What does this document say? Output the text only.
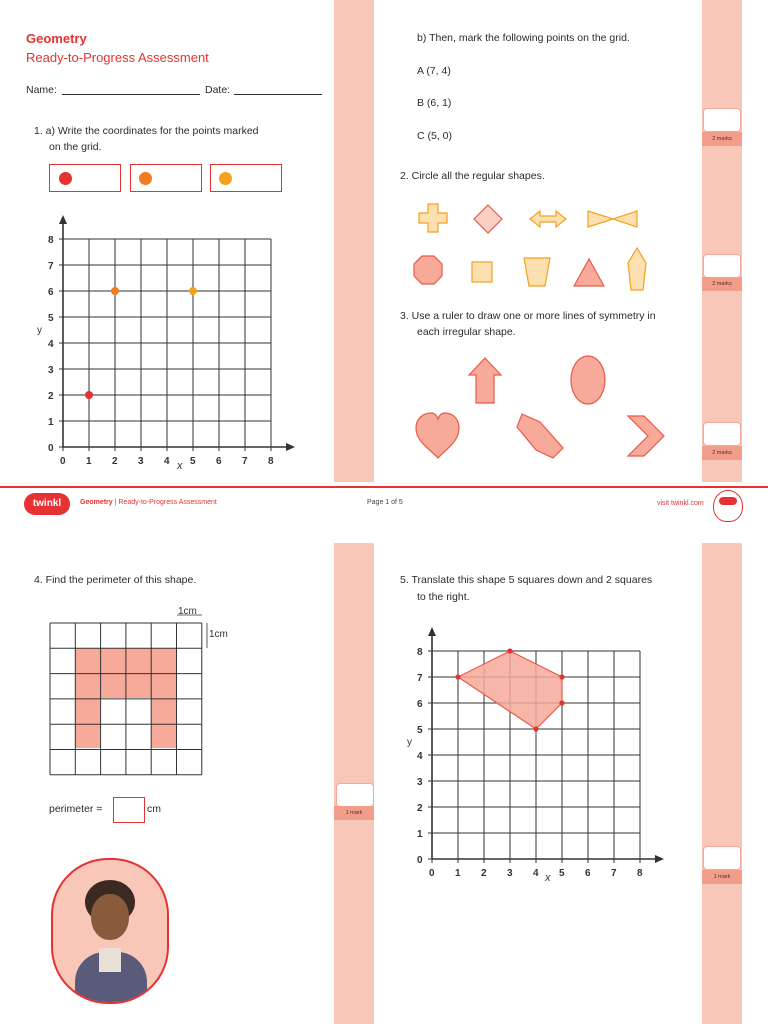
Geometry
Ready-to-Progress Assessment
Name:	Date:
1. a) Write the coordinates for the points marked
on the grid.
y
x
0 1 2 3 4 5 6 7 8
0
1
2
3
4
5
6
7
8
b) Then, mark the following points on the grid.
A (7, 4)
B (6, 1)
C (5, 0)	2 marks
2. Circle all the regular shapes.
2 marks
3. Use a ruler to draw one or more lines of symmetry in
each irregular shape.
2 marks
twinkl	Geometry | Ready-to-Progress Assessment	Page 1 of 5	visit twinkl.com
4. Find the perimeter of this shape.
1cm
1cm
perimeter =	cm	1 mark
5. Translate this shape 5 squares down and 2 squares
to the right.
y
x
0 1 2 3 4 5 6 7 8
0
1
2
3
4
5
6
7
8
1 mark
